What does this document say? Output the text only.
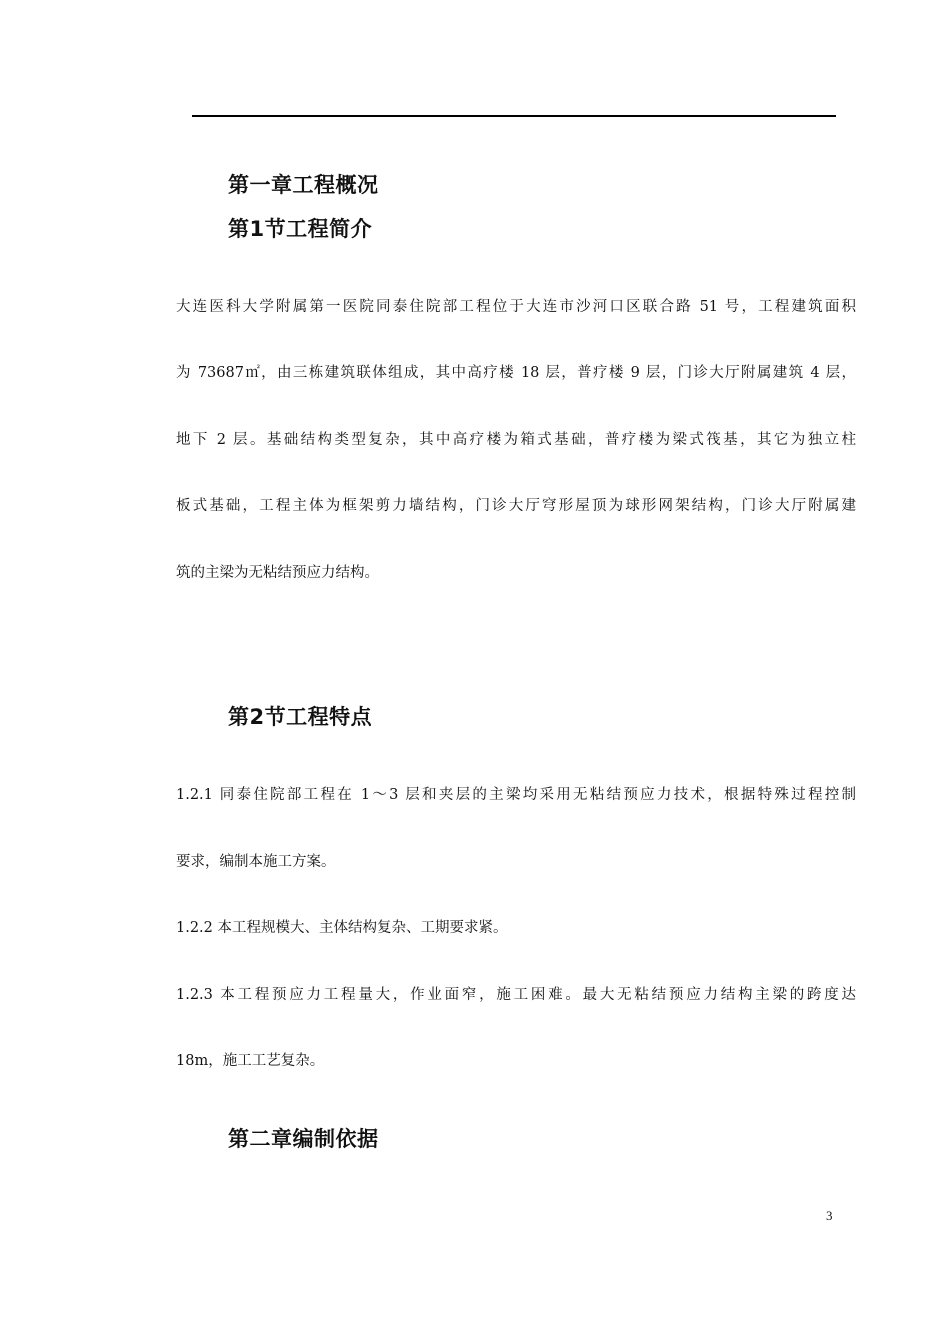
第一章工程概况
第1节工程简介

大连医科大学附属第一医院同泰住院部工程位于大连市沙河口区联合路 51 号，工程建筑面积

为 73687㎡，由三栋建筑联体组成，其中高疗楼 18 层，普疗楼 9 层，门诊大厅附属建筑 4 层，

地下 2 层。基础结构类型复杂，其中高疗楼为箱式基础，普疗楼为梁式筏基，其它为独立柱

板式基础，工程主体为框架剪力墙结构，门诊大厅穹形屋顶为球形网架结构，门诊大厅附属建

筑的主梁为无粘结预应力结构。

第2节工程特点

1.2.1 同泰住院部工程在 1～3 层和夹层的主梁均采用无粘结预应力技术，根据特殊过程控制

要求，编制本施工方案。

1.2.2 本工程规模大、主体结构复杂、工期要求紧。

1.2.3 本工程预应力工程量大，作业面窄，施工困难。最大无粘结预应力结构主梁的跨度达

18m，施工工艺复杂。

第二章编制依据
3
